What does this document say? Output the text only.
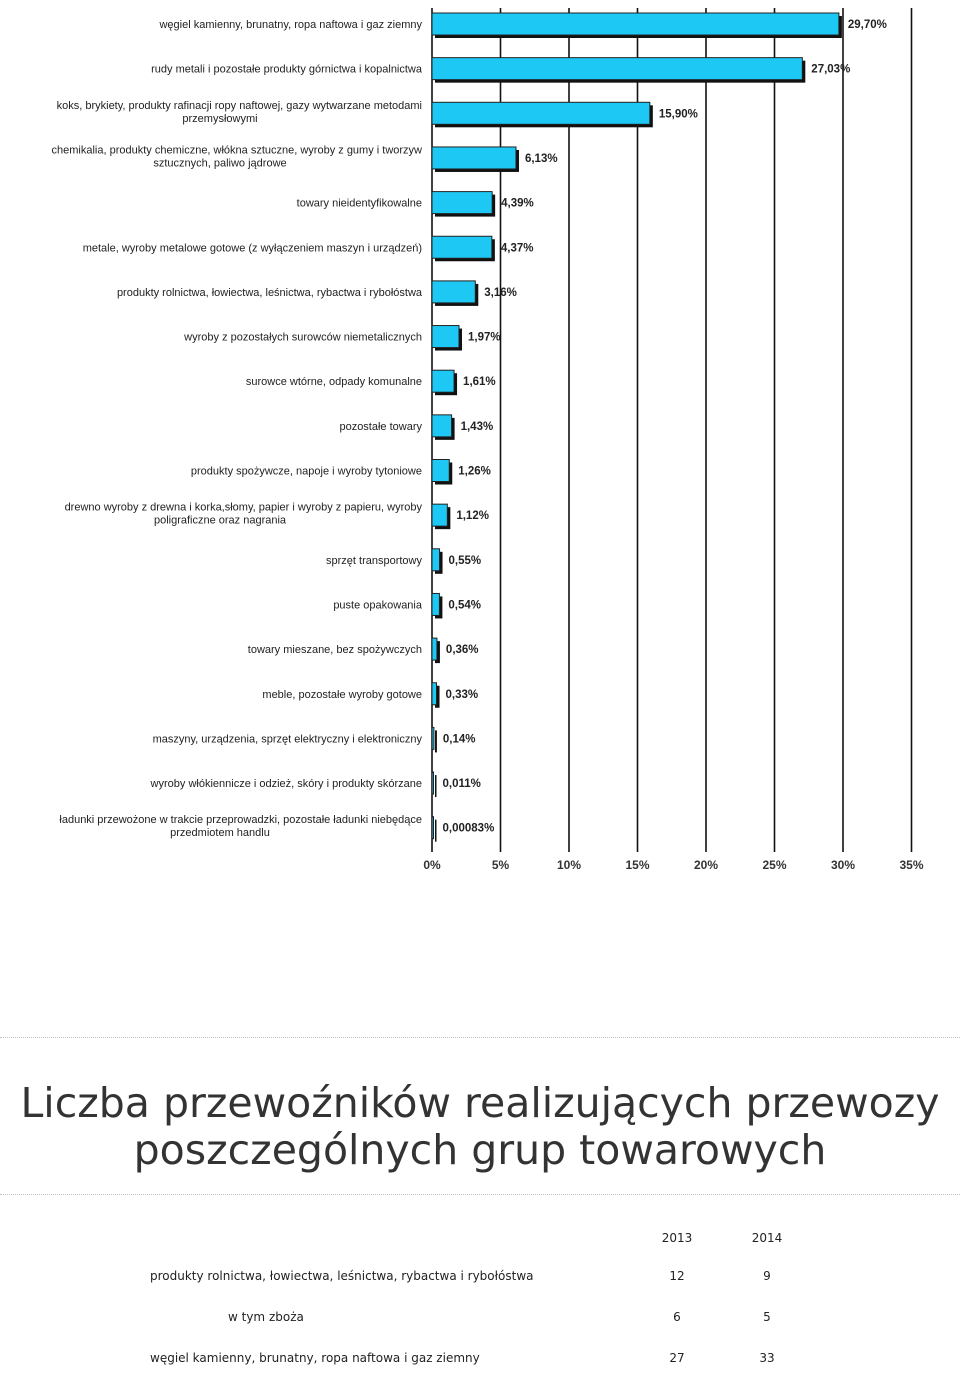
0%	5%	10%	15%	20%	25%	30%	35%
29,70%
węgiel kamienny, brunatny, ropa naftowa i gaz ziemny
27,03%
rudy metali i pozostałe produkty górnictwa i kopalnictwa
15,90%
koks, brykiety, produkty rafinacji ropy naftowej, gazy wytwarzane metodami przemysłowymi
6,13%
chemikalia, produkty chemiczne, włókna sztuczne, wyroby z gumy i tworzyw sztucznych, paliwo jądrowe
4,39%
towary nieidentyfikowalne
4,37%
metale, wyroby metalowe gotowe (z wyłączeniem maszyn i urządzeń)
3,16%
produkty rolnictwa, łowiectwa, leśnictwa, rybactwa i rybołóstwa
1,97%
wyroby z pozostałych surowców niemetalicznych
1,61%
surowce wtórne, odpady komunalne
1,43%
pozostałe towary
1,26%
produkty spożywcze, napoje i wyroby tytoniowe
1,12%
drewno wyroby z drewna i korka,słomy, papier i wyroby z papieru, wyroby poligraficzne oraz nagrania
0,55%
sprzęt transportowy
0,54%
puste opakowania
0,36%
towary mieszane, bez spożywczych
0,33%
meble, pozostałe wyroby gotowe
0,14%
maszyny, urządzenia, sprzęt elektryczny i elektroniczny
0,011%
wyroby włókiennicze i odzież, skóry i produkty skórzane
0,00083%
ładunki przewożone w trakcie przeprowadzki, pozostałe ładunki niebędące przedmiotem handlu
Liczba przewoźników realizujących przewozy
poszczególnych grup towarowych
	2013	2014	
produkty rolnictwa, łowiectwa, leśnictwa, rybactwa i rybołóstwa	12	9	
w tym zboża	6	5	
węgiel kamienny, brunatny, ropa naftowa i gaz ziemny	27	33	
